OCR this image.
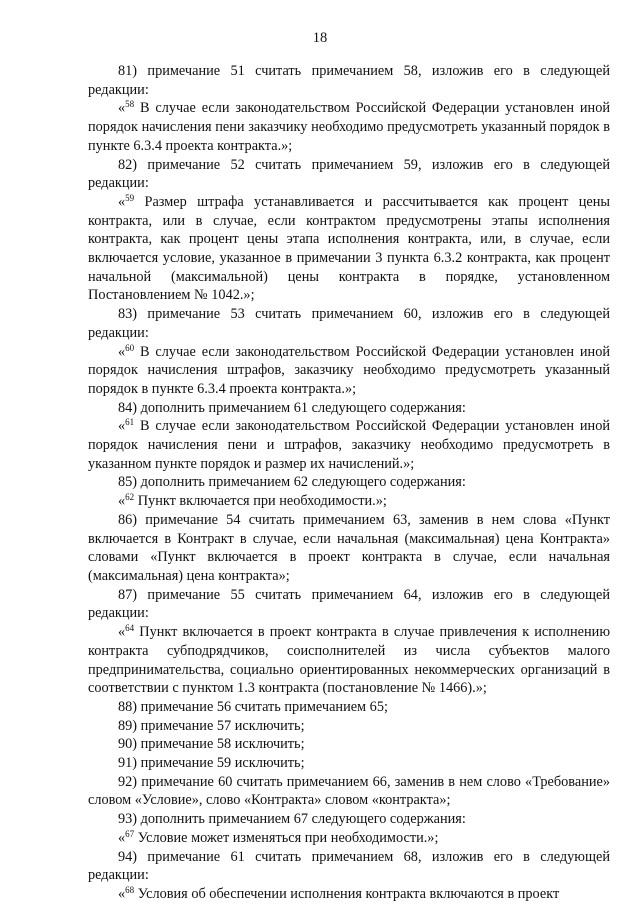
18

81) примечание 51 считать примечанием 58, изложив его в следующей редакции:

«$^{58}$ В случае если законодательством Российской Федерации установлен иной порядок начисления пени заказчику необходимо предусмотреть указанный порядок в пункте 6.3.4 проекта контракта.»;

82) примечание 52 считать примечанием 59, изложив его в следующей редакции:

«$^{59}$ Размер штрафа устанавливается и рассчитывается как процент цены контракта, или в случае, если контрактом предусмотрены этапы исполнения контракта, как процент цены этапа исполнения контракта, или, в случае, если включается условие, указанное в примечании 3 пункта 6.3.2 контракта, как процент начальной (максимальной) цены контракта в порядке, установленном Постановлением № 1042.»;

83) примечание 53 считать примечанием 60, изложив его в следующей редакции:

«$^{60}$ В случае если законодательством Российской Федерации установлен иной порядок начисления штрафов, заказчику необходимо предусмотреть указанный порядок в пункте 6.3.4 проекта контракта.»;

84) дополнить примечанием 61 следующего содержания:

«$^{61}$ В случае если законодательством Российской Федерации установлен иной порядок начисления пени и штрафов, заказчику необходимо предусмотреть в указанном пункте порядок и размер их начислений.»;

85) дополнить примечанием 62 следующего содержания:

«$^{62}$ Пункт включается при необходимости.»;

86) примечание 54 считать примечанием 63, заменив в нем слова «Пункт включается в Контракт в случае, если начальная (максимальная) цена Контракта» словами «Пункт включается в проект контракта в случае, если начальная (максимальная) цена контракта»;

87) примечание 55 считать примечанием 64, изложив его в следующей редакции:

«$^{64}$ Пункт включается в проект контракта в случае привлечения к исполнению контракта субподрядчиков, соисполнителей из числа субъектов малого предпринимательства, социально ориентированных некоммерческих организаций в соответствии с пунктом 1.3 контракта (постановление № 1466).»;

88) примечание 56 считать примечанием 65;

89) примечание 57 исключить;

90) примечание 58 исключить;

91) примечание 59 исключить;

92) примечание 60 считать примечанием 66, заменив в нем слово «Требование» словом «Условие», слово «Контракта» словом «контракта»;

93) дополнить примечанием 67 следующего содержания:

«$^{67}$ Условие может изменяться при необходимости.»;

94) примечание 61 считать примечанием 68, изложив его в следующей редакции:

«$^{68}$ Условия об обеспечении исполнения контракта включаются в проект
